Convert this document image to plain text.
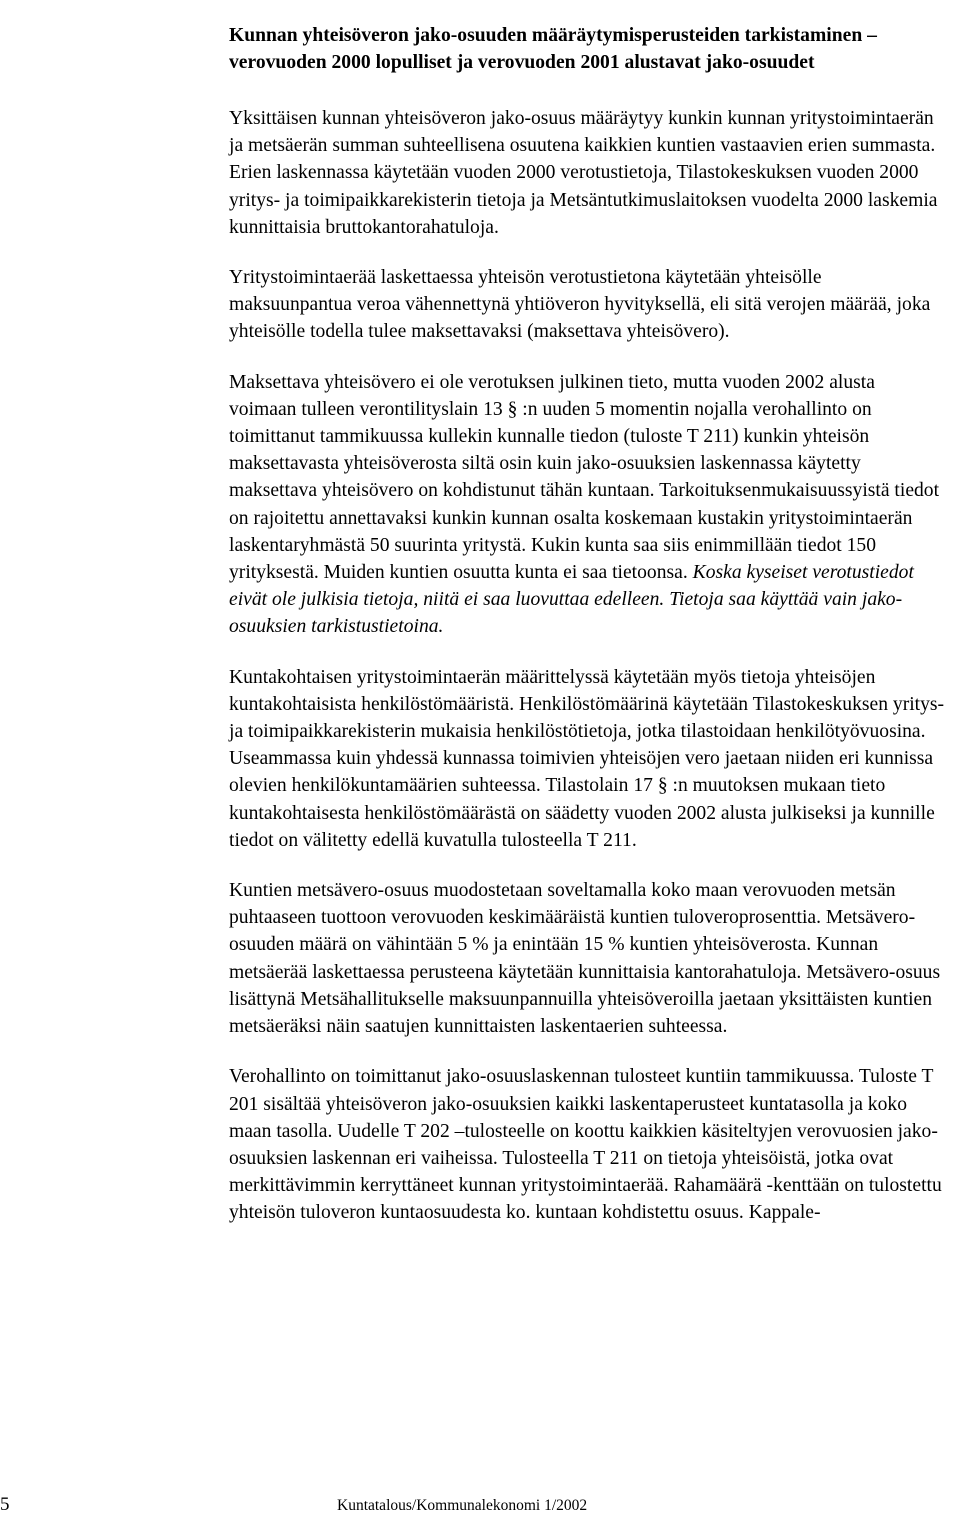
Kunnan yhteisöveron jako-osuuden määräytymisperusteiden tarkistaminen – verovuoden 2000 lopulliset ja verovuoden 2001 alustavat jako-osuudet

Yksittäisen kunnan yhteisöveron jako-osuus määräytyy kunkin kunnan yritystoimintaerän ja metsäerän summan suhteellisena osuutena kaikkien kuntien vastaavien erien summasta. Erien laskennassa käytetään vuoden 2000 verotustietoja, Tilastokeskuksen vuoden 2000 yritys- ja toimipaikkarekisterin tietoja ja Metsäntutkimuslaitoksen vuodelta 2000 laskemia kunnittaisia bruttokantorahatuloja.

Yritystoimintaerää laskettaessa yhteisön verotustietona käytetään yhteisölle maksuunpantua veroa vähennettynä yhtiöveron hyvityksellä, eli sitä verojen määrää, joka yhteisölle todella tulee maksettavaksi (maksettava yhteisövero).

Maksettava yhteisövero ei ole verotuksen julkinen tieto, mutta vuoden 2002 alusta voimaan tulleen verontilityslain 13 § :n uuden 5 momentin nojalla verohallinto on toimittanut tammikuussa kullekin kunnalle tiedon (tuloste T 211) kunkin yhteisön maksettavasta yhteisöverosta siltä osin kuin jako-osuuksien laskennassa käytetty maksettava yhteisövero on kohdistunut tähän kuntaan. Tarkoituksenmukaisuussyistä tiedot on rajoitettu annettavaksi kunkin kunnan osalta koskemaan kustakin yritystoimintaerän laskentaryhmästä 50 suurinta yritystä. Kukin kunta saa siis enimmillään tiedot 150 yrityksestä. Muiden kuntien osuutta kunta ei saa tietoonsa. Koska kyseiset verotustiedot eivät ole julkisia tietoja, niitä ei saa luovuttaa edelleen. Tietoja saa käyttää vain jako-osuuksien tarkistustietoina.

Kuntakohtaisen yritystoimintaerän määrittelyssä käytetään myös tietoja yhteisöjen kuntakohtaisista henkilöstömääristä. Henkilöstömäärinä käytetään Tilastokeskuksen yritys- ja toimipaikkarekisterin mukaisia henkilöstötietoja, jotka tilastoidaan henkilötyövuosina. Useammassa kuin yhdessä kunnassa toimivien yhteisöjen vero jaetaan niiden eri kunnissa olevien henkilökuntamäärien suhteessa. Tilastolain 17 § :n muutoksen mukaan tieto kuntakohtaisesta henkilöstömäärästä on säädetty vuoden 2002 alusta julkiseksi ja kunnille tiedot on välitetty edellä kuvatulla tulosteella T 211.

Kuntien metsävero-osuus muodostetaan soveltamalla koko maan verovuoden metsän puhtaaseen tuottoon verovuoden keskimääräistä kuntien tuloveroprosenttia. Metsävero-osuuden määrä on vähintään 5 % ja enintään 15 % kuntien yhteisöverosta. Kunnan metsäerää laskettaessa perusteena käytetään kunnittaisia kantorahatuloja. Metsävero-osuus lisättynä Metsähallitukselle maksuunpannuilla yhteisöveroilla jaetaan yksittäisten kuntien metsäeräksi näin saatujen kunnittaisten laskentaerien suhteessa.

Verohallinto on toimittanut jako-osuuslaskennan tulosteet kuntiin tammikuussa. Tuloste T 201 sisältää yhteisöveron jako-osuuksien kaikki laskentaperusteet kuntatasolla ja koko maan tasolla. Uudelle T 202 –tulosteelle on koottu kaikkien käsiteltyjen verovuosien jako-osuuksien laskennan eri vaiheissa. Tulosteella T 211 on tietoja yhteisöistä, jotka ovat merkittävimmin kerryttäneet kunnan yritystoimintaerää. Rahamäärä -kenttään on tulostettu yhteisön tuloveron kuntaosuudesta ko. kuntaan kohdistettu osuus. Kappale-

5	Kuntatalous/Kommunalekonomi 1/2002
